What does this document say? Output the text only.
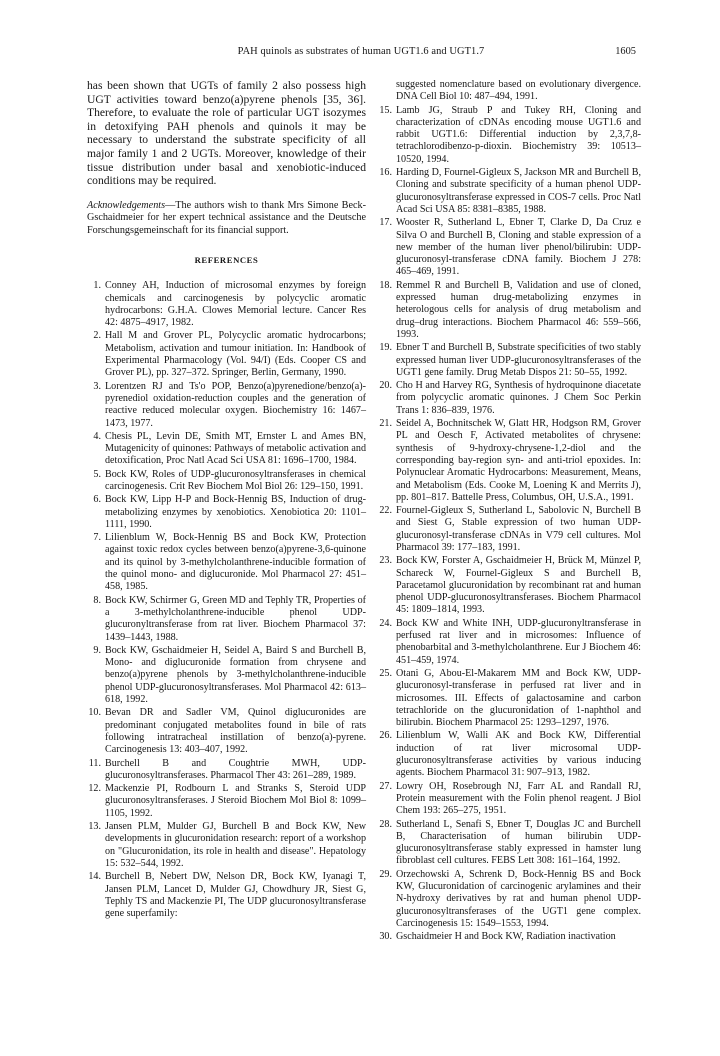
PAH quinols as substrates of human UGT1.6 and UGT1.7	1605

has been shown that UGTs of family 2 also possess high UGT activities toward benzo(a)pyrene phenols [35, 36]. Therefore, to evaluate the role of particular UGT isozymes in detoxifying PAH phenols and quinols it may be necessary to understand the substrate specificity of all major family 1 and 2 UGTs. Moreover, knowledge of their tissue distribution under basal and xenobiotic-induced conditions may be required.

Acknowledgements—The authors wish to thank Mrs Simone Beck-Gschaidmeier for her expert technical assistance and the Deutsche Forschungsgemeinschaft for its financial support.

REFERENCES
1. Conney AH, Induction of microsomal enzymes by foreign chemicals and carcinogenesis by polycyclic aromatic hydrocarbons: G.H.A. Clowes Memorial lecture. Cancer Res 42: 4875–4917, 1982.
2. Hall M and Grover PL, Polycyclic aromatic hydrocarbons; Metabolism, activation and tumour initiation. In: Handbook of Experimental Pharmacology (Vol. 94/I) (Eds. Cooper CS and Grover PL), pp. 327–372. Springer, Berlin, Germany, 1990.
3. Lorentzen RJ and Ts'o POP, Benzo(a)pyrenedione/benzo(a)-pyrenediol oxidation-reduction couples and the generation of reactive reduced molecular oxygen. Biochemistry 16: 1467–1473, 1977.
4. Chesis PL, Levin DE, Smith MT, Ernster L and Ames BN, Mutagenicity of quinones: Pathways of metabolic activation and detoxification, Proc Natl Acad Sci USA 81: 1696–1700, 1984.
5. Bock KW, Roles of UDP-glucuronosyltransferases in chemical carcinogenesis. Crit Rev Biochem Mol Biol 26: 129–150, 1991.
6. Bock KW, Lipp H-P and Bock-Hennig BS, Induction of drug-metabolizing enzymes by xenobiotics. Xenobiotica 20: 1101–1111, 1990.
7. Lilienblum W, Bock-Hennig BS and Bock KW, Protection against toxic redox cycles between benzo(a)pyrene-3,6-quinone and its quinol by 3-methylcholanthrene-inducible formation of the quinol mono- and diglucuronide. Mol Pharmacol 27: 451–458, 1985.
8. Bock KW, Schirmer G, Green MD and Tephly TR, Properties of a 3-methylcholanthrene-inducible phenol UDP-glucuronyltransferase from rat liver. Biochem Pharmacol 37: 1439–1443, 1988.
9. Bock KW, Gschaidmeier H, Seidel A, Baird S and Burchell B, Mono- and diglucuronide formation from chrysene and benzo(a)pyrene phenols by 3-methylcholanthrene-inducible phenol UDP-glucuronosyltransferases. Mol Pharmacol 42: 613–618, 1992.
10. Bevan DR and Sadler VM, Quinol diglucuronides are predominant conjugated metabolites found in bile of rats following intratracheal instillation of benzo(a)-pyrene. Carcinogenesis 13: 403–407, 1992.
11. Burchell B and Coughtrie MWH, UDP-glucuronosyltransferases. Pharmacol Ther 43: 261–289, 1989.
12. Mackenzie PI, Rodbourn L and Stranks S, Steroid UDP glucuronosyltransferases. J Steroid Biochem Mol Biol 8: 1099–1105, 1992.
13. Jansen PLM, Mulder GJ, Burchell B and Bock KW, New developments in glucuronidation research: report of a workshop on "Glucuronidation, its role in health and disease". Hepatology 15: 532–544, 1992.
14. Burchell B, Nebert DW, Nelson DR, Bock KW, Iyanagi T, Jansen PLM, Lancet D, Mulder GJ, Chowdhury JR, Siest G, Tephly TS and Mackenzie PI, The UDP glucuronosyltransferase gene superfamily:
suggested nomenclature based on evolutionary divergence. DNA Cell Biol 10: 487–494, 1991.
15. Lamb JG, Straub P and Tukey RH, Cloning and characterization of cDNAs encoding mouse UGT1.6 and rabbit UGT1.6: Differential induction by 2,3,7,8-tetrachlorodibenzo-p-dioxin. Biochemistry 39: 10513–10520, 1994.
16. Harding D, Fournel-Gigleux S, Jackson MR and Burchell B, Cloning and substrate specificity of a human phenol UDP-glucuronosyltransferase expressed in COS-7 cells. Proc Natl Acad Sci USA 85: 8381–8385, 1988.
17. Wooster R, Sutherland L, Ebner T, Clarke D, Da Cruz e Silva O and Burchell B, Cloning and stable expression of a new member of the human liver phenol/bilirubin: UDP-glucuronosyl-transferase cDNA family. Biochem J 278: 465–469, 1991.
18. Remmel R and Burchell B, Validation and use of cloned, expressed human drug-metabolizing enzymes in heterologous cells for analysis of drug metabolism and drug–drug interactions. Biochem Pharmacol 46: 559–566, 1993.
19. Ebner T and Burchell B, Substrate specificities of two stably expressed human liver UDP-glucuronosyltransferases of the UGT1 gene family. Drug Metab Dispos 21: 50–55, 1992.
20. Cho H and Harvey RG, Synthesis of hydroquinone diacetate from polycyclic aromatic quinones. J Chem Soc Perkin Trans 1: 836–839, 1976.
21. Seidel A, Bochnitschek W, Glatt HR, Hodgson RM, Grover PL and Oesch F, Activated metabolites of chrysene: synthesis of 9-hydroxy-chrysene-1,2-diol and the corresponding bay-region syn- and anti-triol epoxides. In: Polynuclear Aromatic Hydrocarbons: Measurement, Means, and Metabolism (Eds. Cooke M, Loening K and Merrits J), pp. 801–817. Battelle Press, Columbus, OH, U.S.A., 1991.
22. Fournel-Gigleux S, Sutherland L, Sabolovic N, Burchell B and Siest G, Stable expression of two human UDP-glucuronosyl-transferase cDNAs in V79 cell cultures. Mol Pharmacol 39: 177–183, 1991.
23. Bock KW, Forster A, Gschaidmeier H, Brück M, Münzel P, Schareck W, Fournel-Gigleux S and Burchell B, Paracetamol glucuronidation by recombinant rat and human phenol UDP-glucuronosyltransferases. Biochem Pharmacol 45: 1809–1814, 1993.
24. Bock KW and White INH, UDP-glucuronyltransferase in perfused rat liver and in microsomes: Influence of phenobarbital and 3-methylcholanthrene. Eur J Biochem 46: 451–459, 1974.
25. Otani G, Abou-El-Makarem MM and Bock KW, UDP-glucuronosyl-transferase in perfused rat liver and in microsomes. III. Effects of galactosamine and carbon tetrachloride on the glucuronidation of 1-naphthol and bilirubin. Biochem Pharmacol 25: 1293–1297, 1976.
26. Lilienblum W, Walli AK and Bock KW, Differential induction of rat liver microsomal UDP-glucuronosyltransferase activities by various inducing agents. Biochem Pharmacol 31: 907–913, 1982.
27. Lowry OH, Rosebrough NJ, Farr AL and Randall RJ, Protein measurement with the Folin phenol reagent. J Biol Chem 193: 265–275, 1951.
28. Sutherland L, Senafi S, Ebner T, Douglas JC and Burchell B, Characterisation of human bilirubin UDP-glucuronosyltransferase stably expressed in hamster lung fibroblast cell cultures. FEBS Lett 308: 161–164, 1992.
29. Orzechowski A, Schrenk D, Bock-Hennig BS and Bock KW, Glucuronidation of carcinogenic arylamines and their N-hydroxy derivatives by rat and human phenol UDP-glucuronosyltransferases of the UGT1 gene complex. Carcinogenesis 15: 1549–1553, 1994.
30. Gschaidmeier H and Bock KW, Radiation inactivation
